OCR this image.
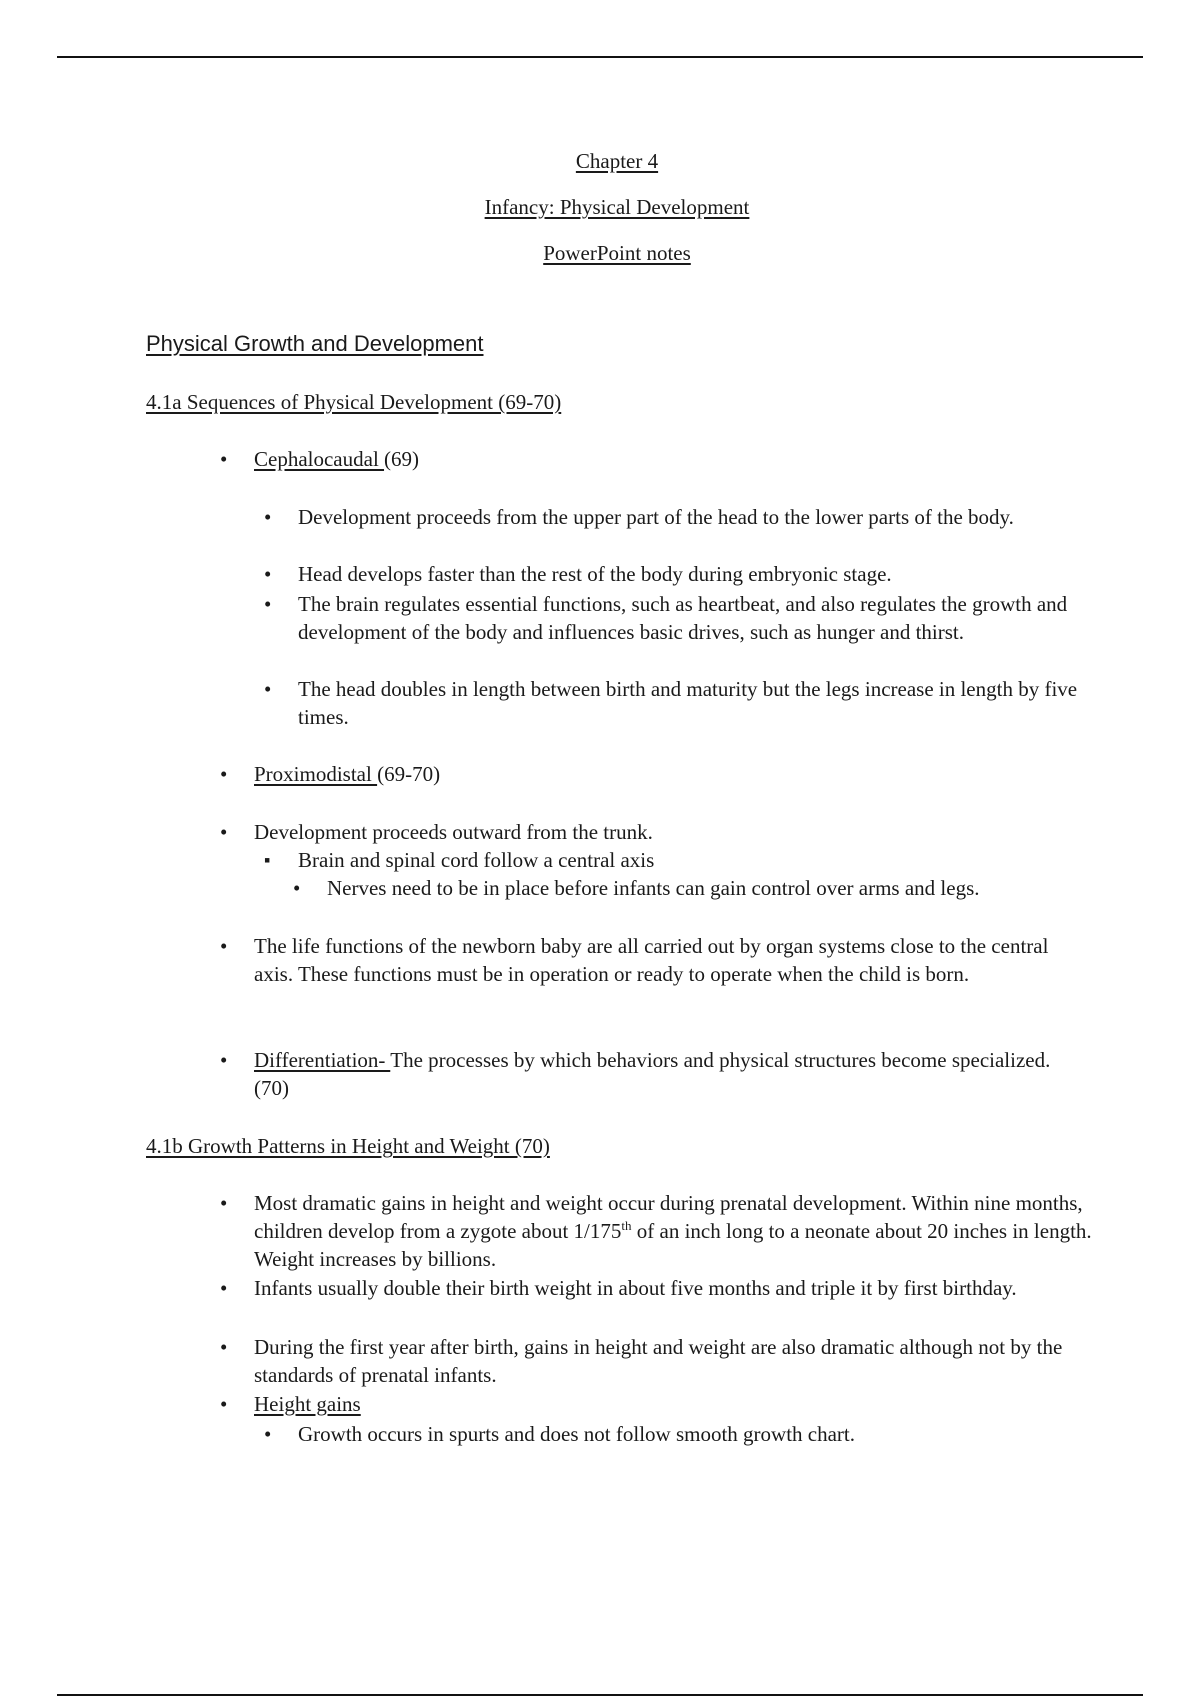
Chapter 4
Infancy: Physical Development
PowerPoint notes
Physical Growth and Development
4.1a Sequences of Physical Development (69-70)
• Cephalocaudal (69)
• Development proceeds from the upper part of the head to the lower parts of the body.
• Head develops faster than the rest of the body during embryonic stage.
• The brain regulates essential functions, such as heartbeat, and also regulates the growth and development of the body and influences basic drives, such as hunger and thirst.
• The head doubles in length between birth and maturity but the legs increase in length by five times.
• Proximodistal (69-70)
• Development proceeds outward from the trunk.
▪ Brain and spinal cord follow a central axis
• Nerves need to be in place before infants can gain control over arms and legs.
• The life functions of the newborn baby are all carried out by organ systems close to the central axis. These functions must be in operation or ready to operate when the child is born.
• Differentiation- The processes by which behaviors and physical structures become specialized. (70)
4.1b Growth Patterns in Height and Weight (70)
• Most dramatic gains in height and weight occur during prenatal development. Within nine months, children develop from a zygote about 1/175th of an inch long to a neonate about 20 inches in length. Weight increases by billions.
• Infants usually double their birth weight in about five months and triple it by first birthday.
• During the first year after birth, gains in height and weight are also dramatic although not by the standards of prenatal infants.
• Height gains
• Growth occurs in spurts and does not follow smooth growth chart.
